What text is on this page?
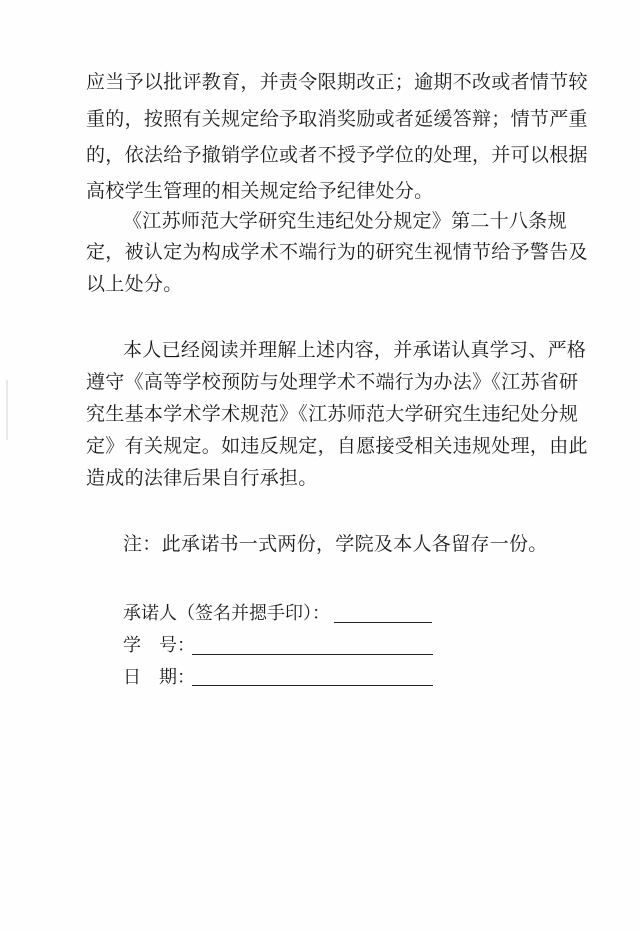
应当予以批评教育，并责令限期改正；逾期不改或者情节较
重的，按照有关规定给予取消奖励或者延缓答辩；情节严重
的，依法给予撤销学位或者不授予学位的处理，并可以根据
高校学生管理的相关规定给予纪律处分。
《江苏师范大学研究生违纪处分规定》第二十八条规
定，被认定为构成学术不端行为的研究生视情节给予警告及
以上处分。
本人已经阅读并理解上述内容，并承诺认真学习、严格
遵守《高等学校预防与处理学术不端行为办法》《江苏省研
究生基本学术学术规范》《江苏师范大学研究生违纪处分规
定》有关规定。如违反规定，自愿接受相关违规处理，由此
造成的法律后果自行承担。
注：此承诺书一式两份，学院及本人各留存一份。
承诺人（签名并摁手印）：
学　号：
日　期：
